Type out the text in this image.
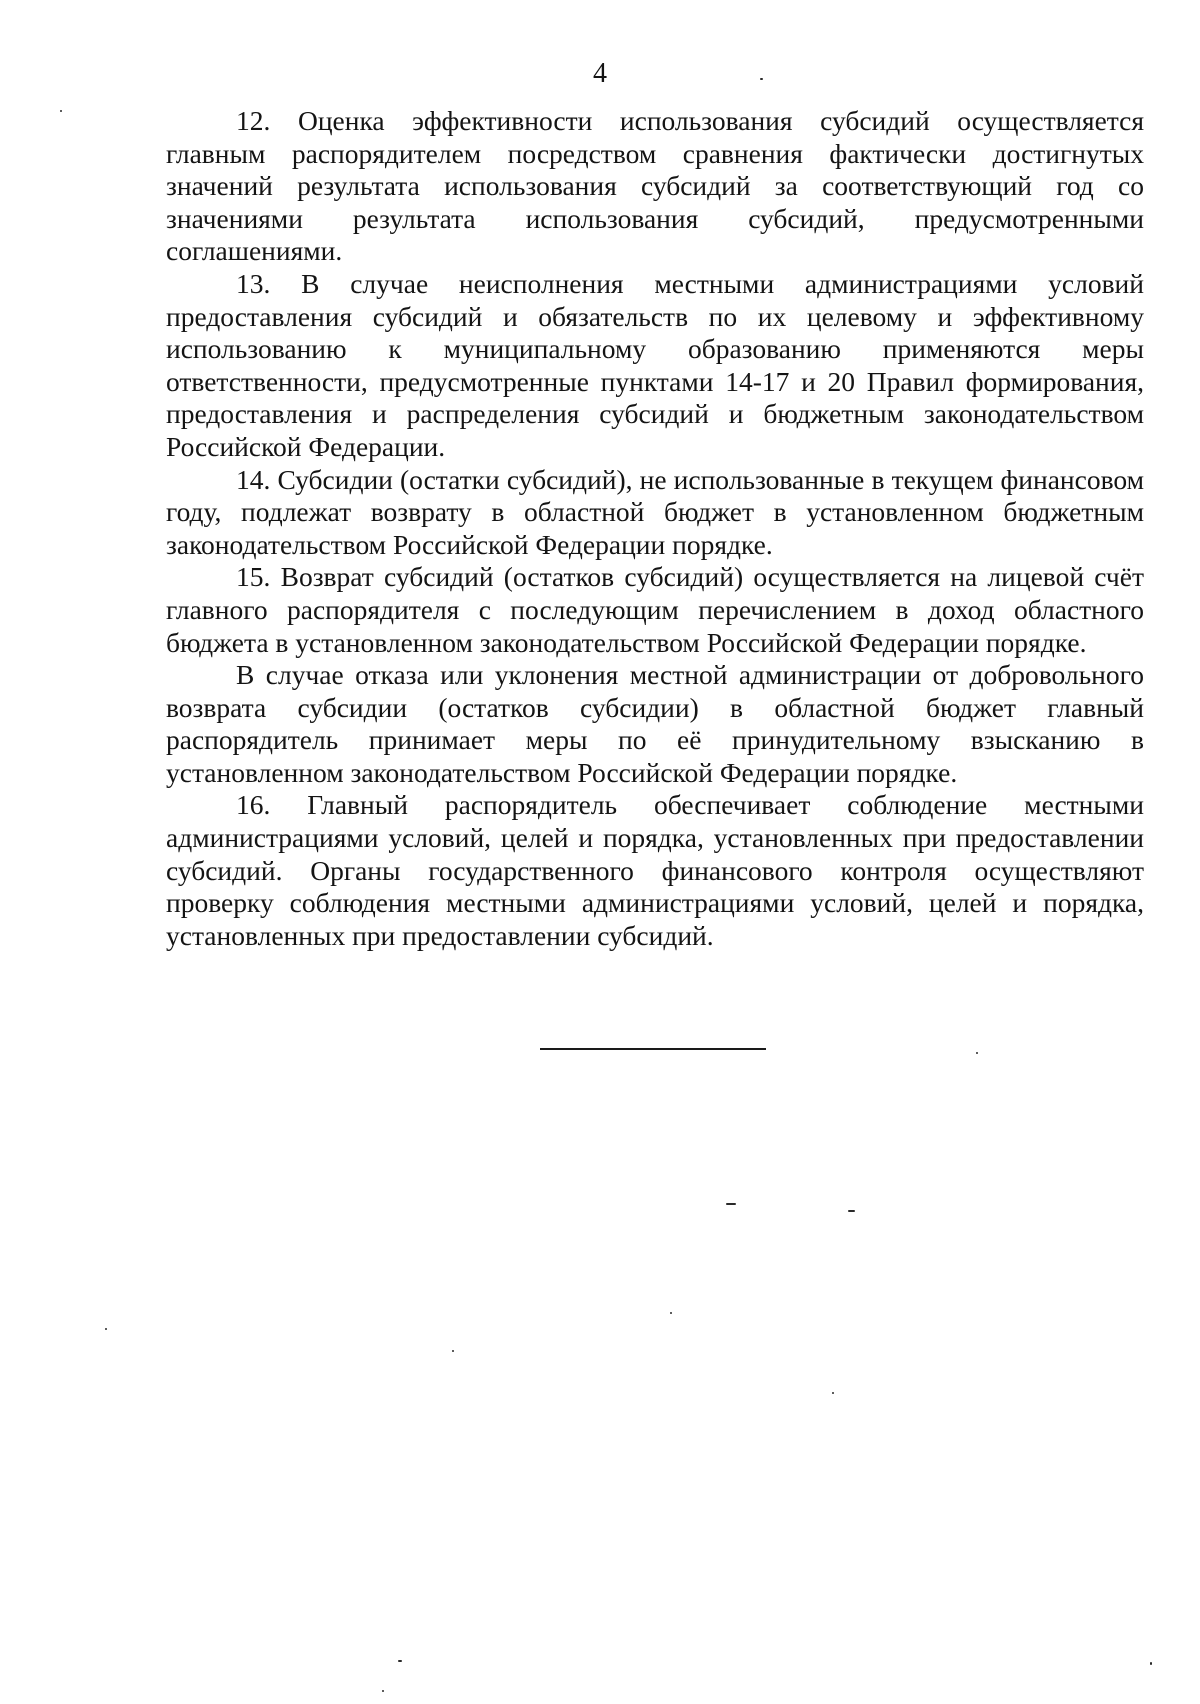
4

12. Оценка эффективности использования субсидий осуществляется главным распорядителем посредством сравнения фактически достигнутых значений результата использования субсидий за соответствующий год со значениями результата использования субсидий, предусмотренными соглашениями.

13. В случае неисполнения местными администрациями условий предоставления субсидий и обязательств по их целевому и эффективному использованию к муниципальному образованию применяются меры ответственности, предусмотренные пунктами 14-17 и 20 Правил формирования, предоставления и распределения субсидий и бюджетным законодательством Российской Федерации.

14. Субсидии (остатки субсидий), не использованные в текущем финансовом году, подлежат возврату в областной бюджет в установленном бюджетным законодательством Российской Федерации порядке.

15. Возврат субсидий (остатков субсидий) осуществляется на лицевой счёт главного распорядителя с последующим перечислением в доход областного бюджета в установленном законодательством Российской Федерации порядке.

В случае отказа или уклонения местной администрации от добровольного возврата субсидии (остатков субсидии) в областной бюджет главный распорядитель принимает меры по её принудительному взысканию в установленном законодательством Российской Федерации порядке.

16. Главный распорядитель обеспечивает соблюдение местными администрациями условий, целей и порядка, установленных при предоставлении субсидий. Органы государственного финансового контроля осуществляют проверку соблюдения местными администрациями условий, целей и порядка, установленных при предоставлении субсидий.
